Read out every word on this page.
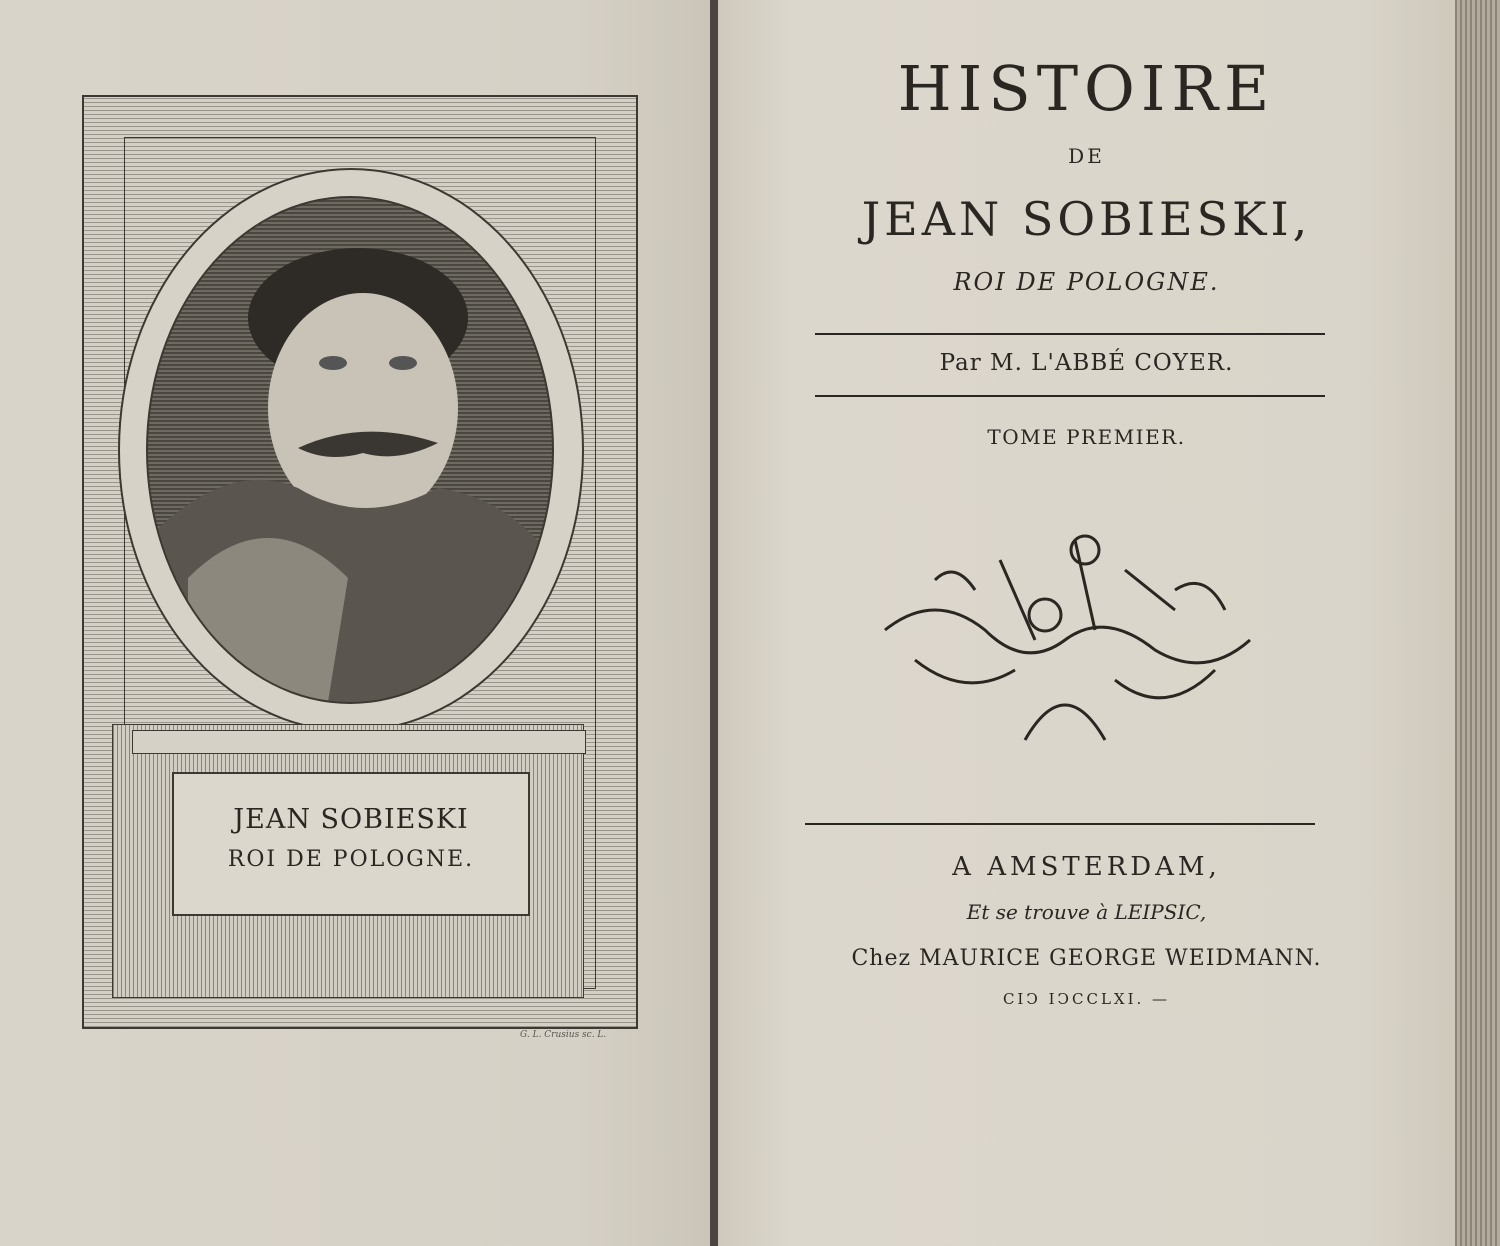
JEAN SOBIESKI
ROI DE POLOGNE.
G. L. Crusius sc. L.
HISTOIRE
DE
JEAN SOBIESKI,
ROI DE POLOGNE.
Par M. L'ABBÉ COYER.
TOME PREMIER.
A AMSTERDAM,
Et se trouve à LEIPSIC,
Chez MAURICE GEORGE WEIDMANN.
CIↃ IↃCCLXI. —
